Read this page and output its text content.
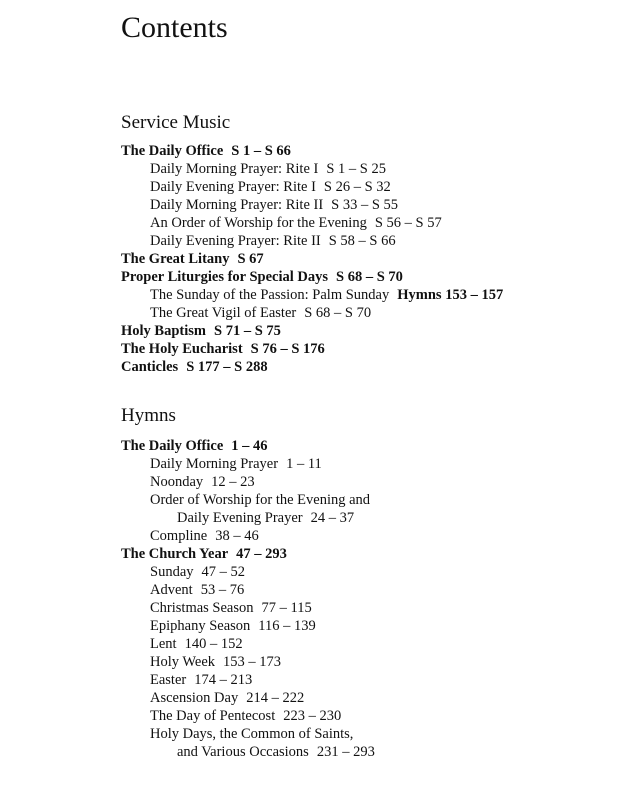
Contents
Service Music
The Daily Office S 1 – S 66
Daily Morning Prayer: Rite I S 1 – S 25
Daily Evening Prayer: Rite I S 26 – S 32
Daily Morning Prayer: Rite II S 33 – S 55
An Order of Worship for the Evening S 56 – S 57
Daily Evening Prayer: Rite II S 58 – S 66
The Great Litany S 67
Proper Liturgies for Special Days S 68 – S 70
The Sunday of the Passion: Palm Sunday Hymns 153 – 157
The Great Vigil of Easter S 68 – S 70
Holy Baptism S 71 – S 75
The Holy Eucharist S 76 – S 176
Canticles S 177 – S 288
Hymns
The Daily Office 1 – 46
Daily Morning Prayer 1 – 11
Noonday 12 – 23
Order of Worship for the Evening and
Daily Evening Prayer 24 – 37
Compline 38 – 46
The Church Year 47 – 293
Sunday 47 – 52
Advent 53 – 76
Christmas Season 77 – 115
Epiphany Season 116 – 139
Lent 140 – 152
Holy Week 153 – 173
Easter 174 – 213
Ascension Day 214 – 222
The Day of Pentecost 223 – 230
Holy Days, the Common of Saints,
and Various Occasions 231 – 293
